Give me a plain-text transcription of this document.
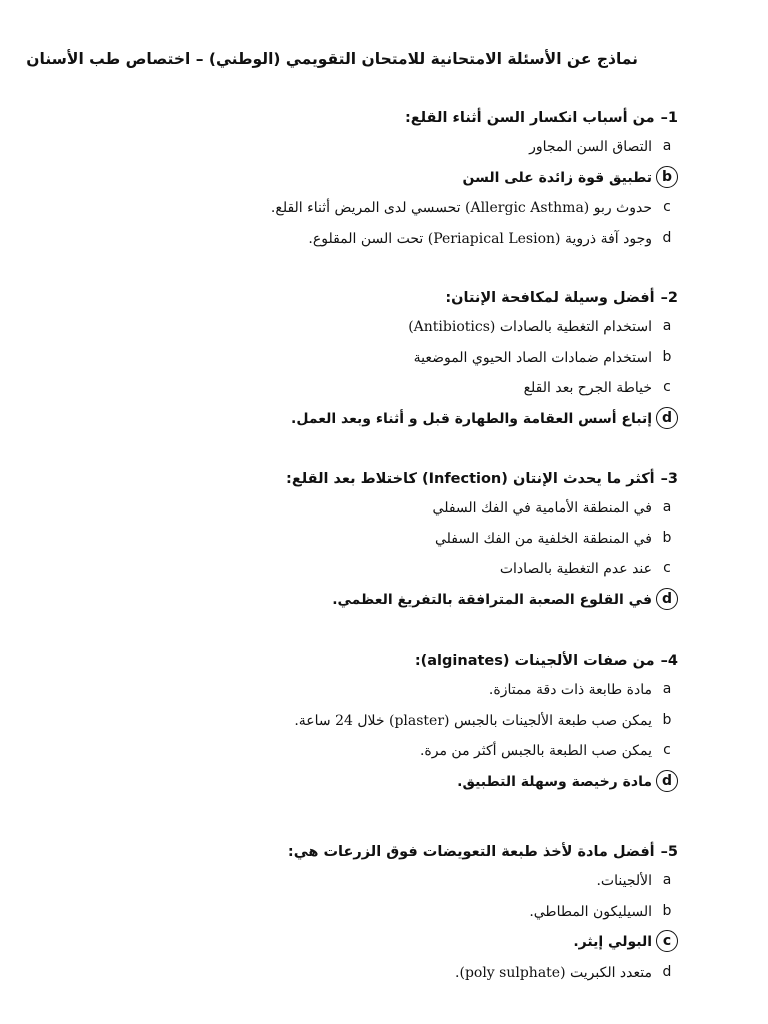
نماذج عن الأسئلة الامتحانية للامتحان التقويمي (الوطني) – اختصاص طب الأسنان
1–من أسباب انكسار السن أثناء القلع:
aالتصاق السن المجاور
bتطبيق قوة زائدة على السن
cحدوث ربو (Allergic Asthma) تحسسي لدى المريض أثناء القلع.
dوجود آفة ذروية (Periapical Lesion) تحت السن المقلوع.
2–أفضل وسيلة لمكافحة الإنتان:
aاستخدام التغطية بالصادات (Antibiotics)
bاستخدام ضمادات الصاد الحيوي الموضعية
cخياطة الجرح بعد القلع
dإتباع أسس العقامة والطهارة قبل و أثناء وبعد العمل.
3–أكثر ما يحدث الإنتان (Infection) كاختلاط بعد القلع:
aفي المنطقة الأمامية في الفك السفلي
bفي المنطقة الخلفية من الفك السفلي
cعند عدم التغطية بالصادات
dفي القلوع الصعبة المترافقة بالتفريغ العظمي.
4–من صفات الألجينات (alginates):
aمادة طابعة ذات دقة ممتازة.
bيمكن صب طبعة الألجينات بالجبس (plaster) خلال 24 ساعة.
cيمكن صب الطبعة بالجبس أكثر من مرة.
dمادة رخيصة وسهلة التطبيق.
5–أفضل مادة لأخذ طبعة التعويضات فوق الزرعات هي:
aالألجينات.
bالسيليكون المطاطي.
cالبولي إيثر.
dمتعدد الكبريت (poly sulphate).
